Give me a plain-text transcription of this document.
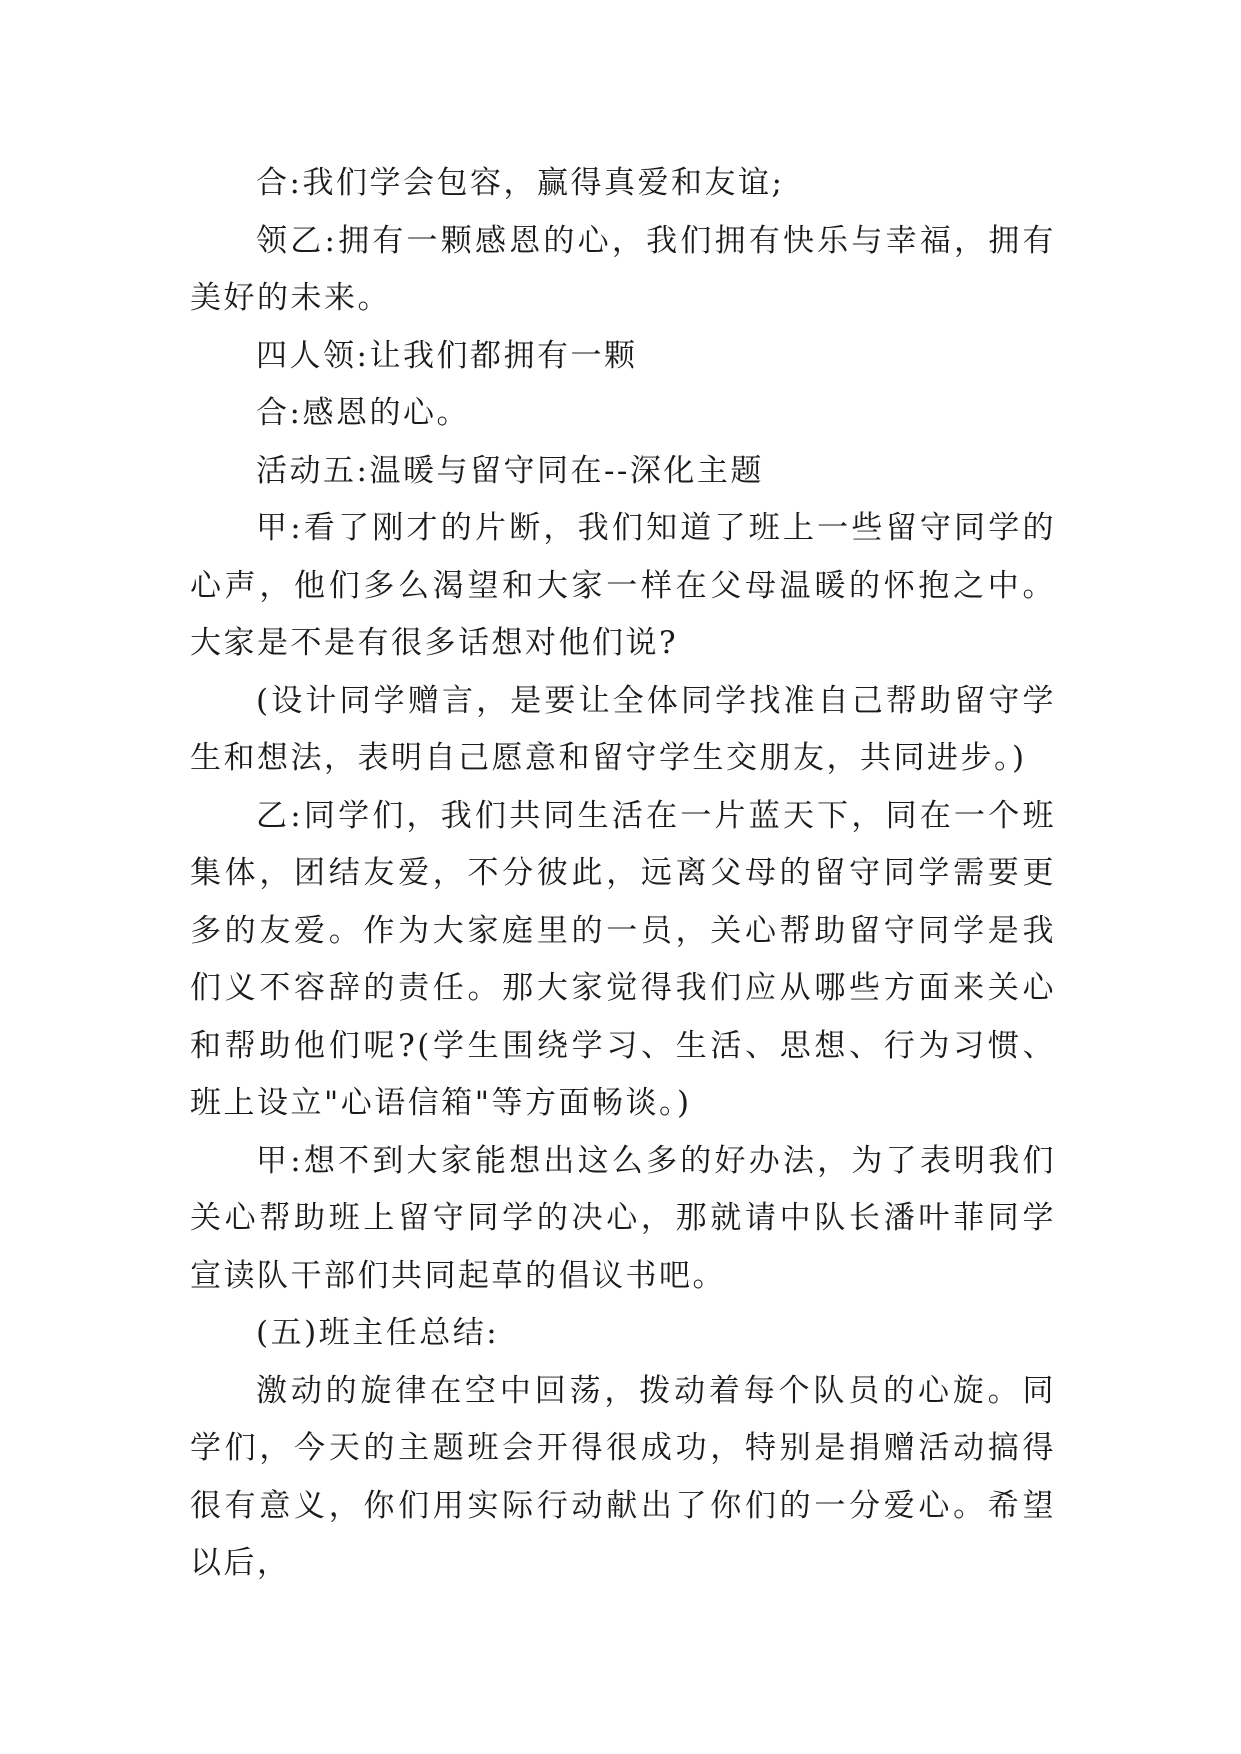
合:我们学会包容，赢得真爱和友谊;

领乙:拥有一颗感恩的心，我们拥有快乐与幸福，拥有美好的未来。

四人领:让我们都拥有一颗

合:感恩的心。

活动五:温暖与留守同在--深化主题

甲:看了刚才的片断，我们知道了班上一些留守同学的心声，他们多么渴望和大家一样在父母温暖的怀抱之中。大家是不是有很多话想对他们说?

(设计同学赠言，是要让全体同学找准自己帮助留守学生和想法，表明自己愿意和留守学生交朋友，共同进步。)

乙:同学们，我们共同生活在一片蓝天下，同在一个班集体，团结友爱，不分彼此，远离父母的留守同学需要更多的友爱。作为大家庭里的一员，关心帮助留守同学是我们义不容辞的责任。那大家觉得我们应从哪些方面来关心和帮助他们呢?(学生围绕学习、生活、思想、行为习惯、班上设立"心语信箱"等方面畅谈。)

甲:想不到大家能想出这么多的好办法，为了表明我们关心帮助班上留守同学的决心，那就请中队长潘叶菲同学宣读队干部们共同起草的倡议书吧。

(五)班主任总结:

激动的旋律在空中回荡，拨动着每个队员的心旋。同学们，今天的主题班会开得很成功，特别是捐赠活动搞得很有意义，你们用实际行动献出了你们的一分爱心。希望以后，
